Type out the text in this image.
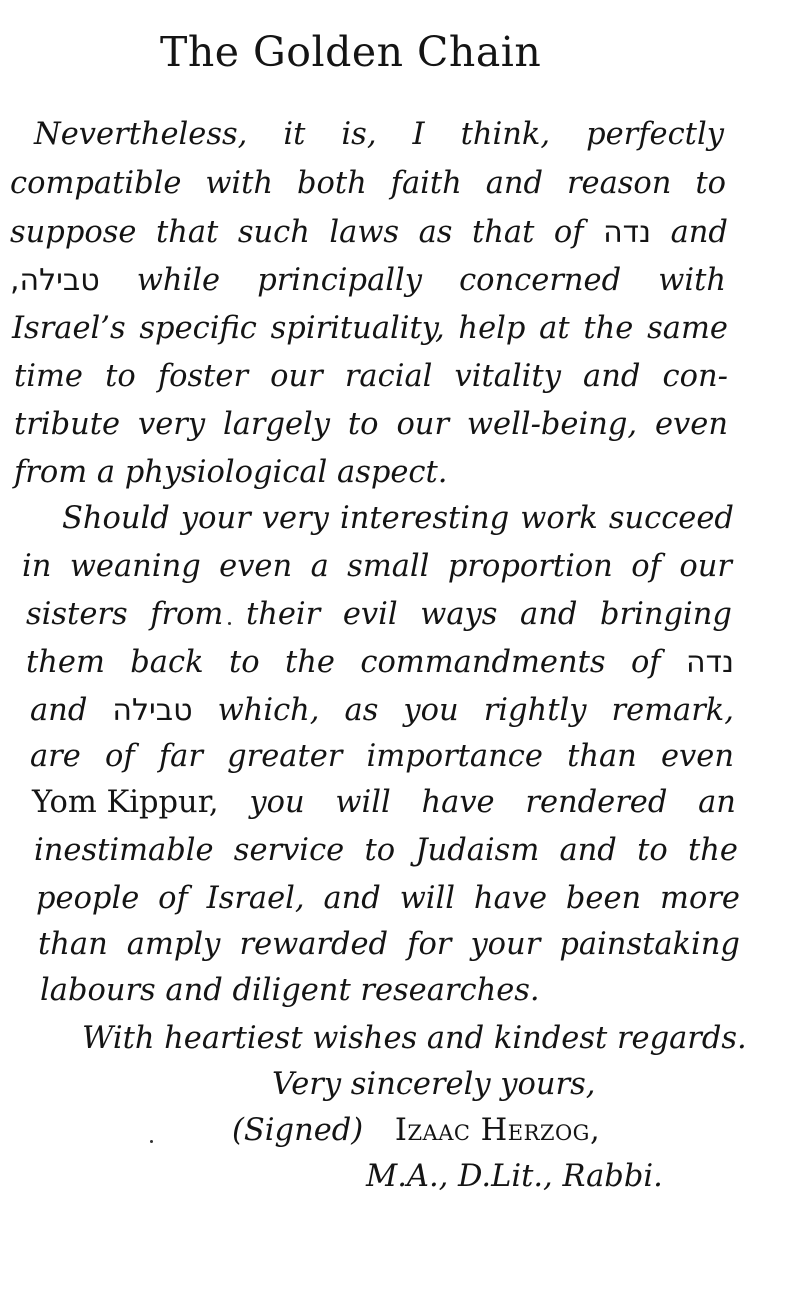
The Golden Chain
Nevertheless, it is, I think, perfectly
compatible with both faith and reason to
suppose that such laws as that of נדה and
טבילה, while principally concerned with
Israel’s specific spirituality, help at the same
time to foster our racial vitality and con-
tribute very largely to our well-being, even
from a physiological aspect.
Should your very interesting work succeed
in weaning even a small proportion of our
sisters from their evil ways and bringing
them back to the commandments of נדה
and טבילה which, as you rightly remark,
are of far greater importance than even
Yom Kippur, you will have rendered an
inestimable service to Judaism and to the
people of Israel, and will have been more
than amply rewarded for your painstaking
labours and diligent researches.
With heartiest wishes and kindest regards.
Very sincerely yours,
(Signed) Izaac Herzog,
M.A., D.Lit., Rabbi.
